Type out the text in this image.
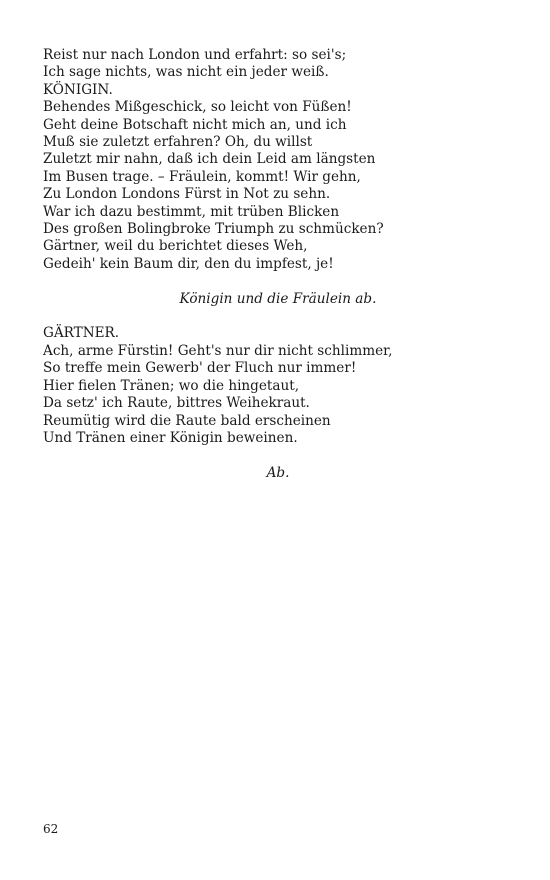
Reist nur nach London und erfahrt: so sei's;
Ich sage nichts, was nicht ein jeder weiß.
KÖNIGIN.
Behendes Mißgeschick, so leicht von Füßen!
Geht deine Botschaft nicht mich an, und ich
Muß sie zuletzt erfahren? Oh, du willst
Zuletzt mir nahn, daß ich dein Leid am längsten
Im Busen trage. – Fräulein, kommt! Wir gehn,
Zu London Londons Fürst in Not zu sehn.
War ich dazu bestimmt, mit trüben Blicken
Des großen Bolingbroke Triumph zu schmücken?
Gärtner, weil du berichtet dieses Weh,
Gedeih' kein Baum dir, den du impfest, je!
Königin und die Fräulein ab.
GÄRTNER.
Ach, arme Fürstin! Geht's nur dir nicht schlimmer,
So treffe mein Gewerb' der Fluch nur immer!
Hier fielen Tränen; wo die hingetaut,
Da setz' ich Raute, bittres Weihekraut.
Reumütig wird die Raute bald erscheinen
Und Tränen einer Königin beweinen.
Ab.
62
